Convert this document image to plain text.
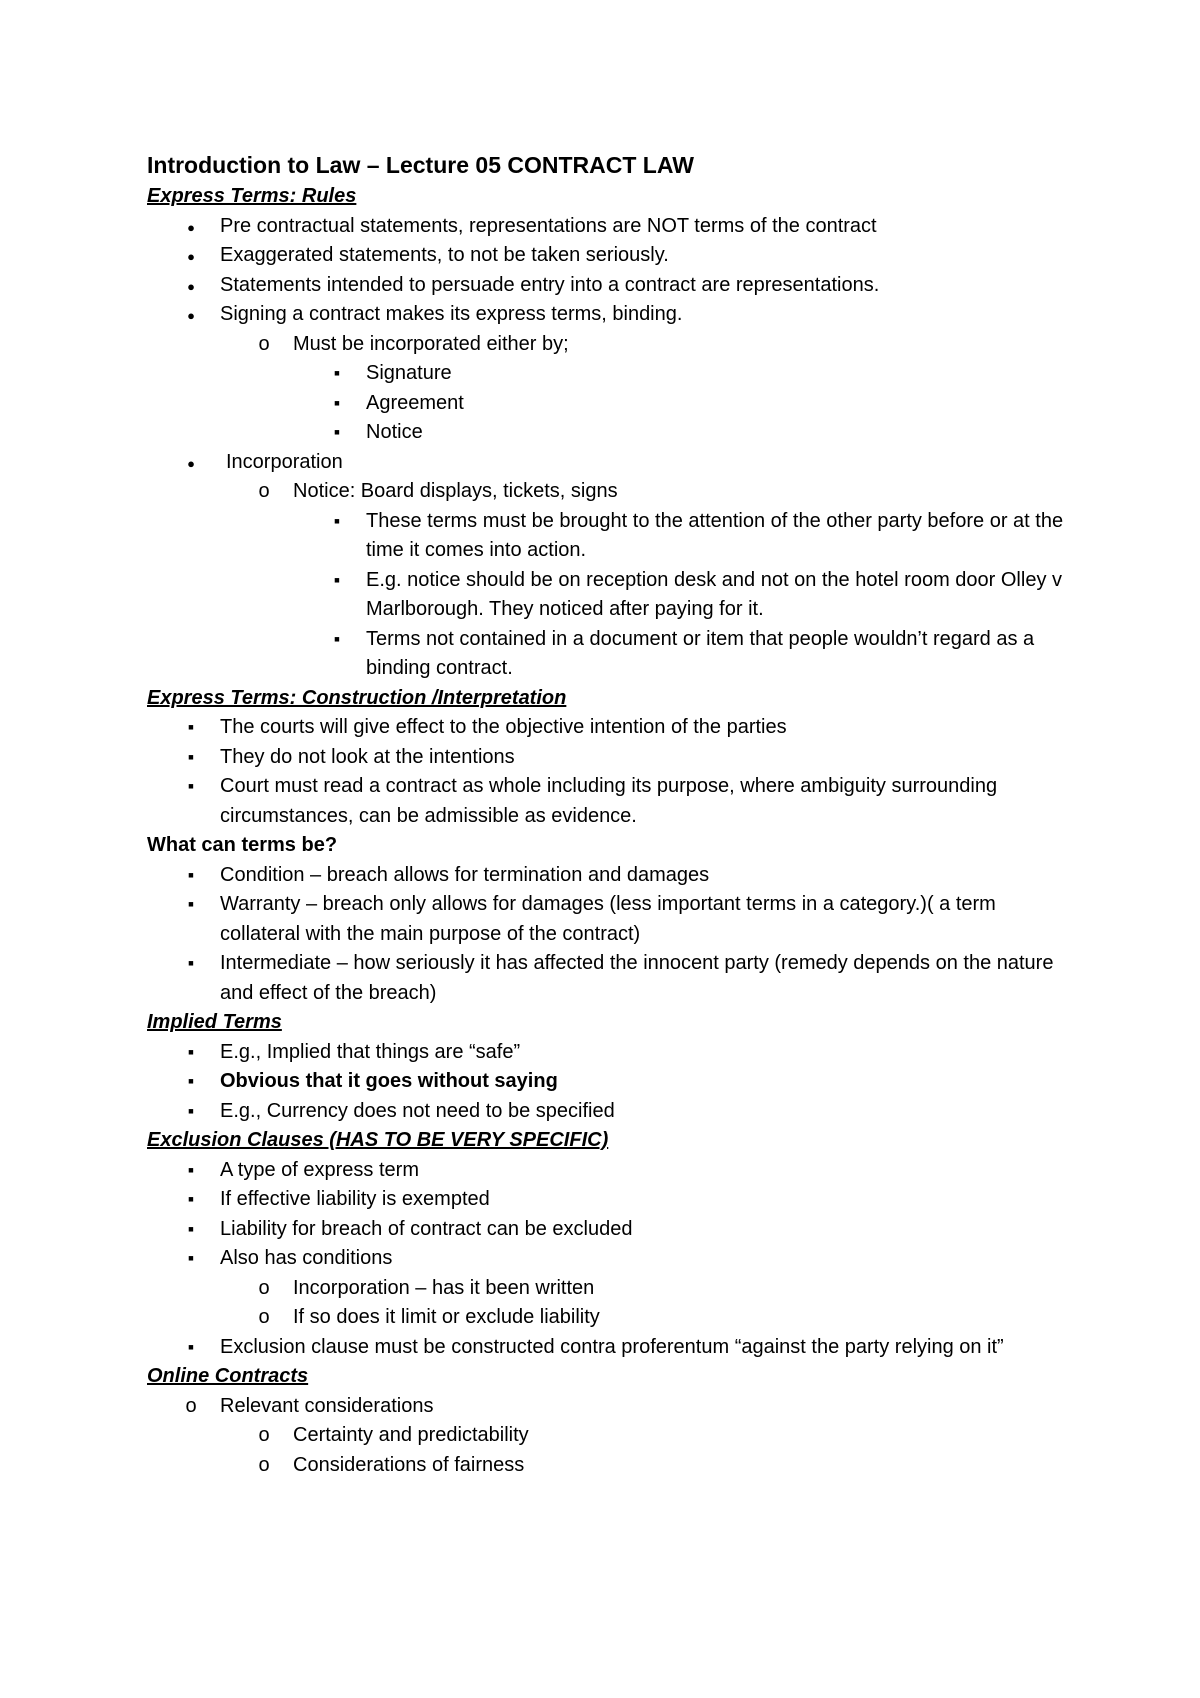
Introduction to Law – Lecture 05 CONTRACT LAW

Express Terms: Rules

●
Pre contractual statements, representations are NOT terms of the contract
●
Exaggerated statements, to not be taken seriously.
●
Statements intended to persuade entry into a contract are representations.
●
Signing a contract makes its express terms, binding.
o
Must be incorporated either by;
▪
Signature
▪
Agreement
▪
Notice
●
Incorporation
o
Notice: Board displays, tickets, signs
▪
These terms must be brought to the attention of the other party before or at the time it comes into action.
▪
E.g. notice should be on reception desk and not on the hotel room door Olley v Marlborough. They noticed after paying for it.
▪
Terms not contained in a document or item that people wouldn’t regard as a binding contract.

Express Terms: Construction /Interpretation

▪
The courts will give effect to the objective intention of the parties
▪
They do not look at the intentions
▪
Court must read a contract as whole including its purpose, where ambiguity surrounding circumstances, can be admissible as evidence.

What can terms be?

▪
Condition – breach allows for termination and damages
▪
Warranty – breach only allows for damages (less important terms in a category.)( a term collateral with the main purpose of the contract)
▪
Intermediate – how seriously it has affected the innocent party (remedy depends on the nature and effect of the breach)

Implied Terms

▪
E.g., Implied that things are “safe”
▪
Obvious that it goes without saying
▪
E.g., Currency does not need to be specified

Exclusion Clauses (HAS TO BE VERY SPECIFIC)

▪
A type of express term
▪
If effective liability is exempted
▪
Liability for breach of contract can be excluded
▪
Also has conditions
o
Incorporation – has it been written
o
If so does it limit or exclude liability
▪
Exclusion clause must be constructed contra proferentum “against the party relying on it”

Online Contracts

o
Relevant considerations
o
Certainty and predictability
o
Considerations of fairness
